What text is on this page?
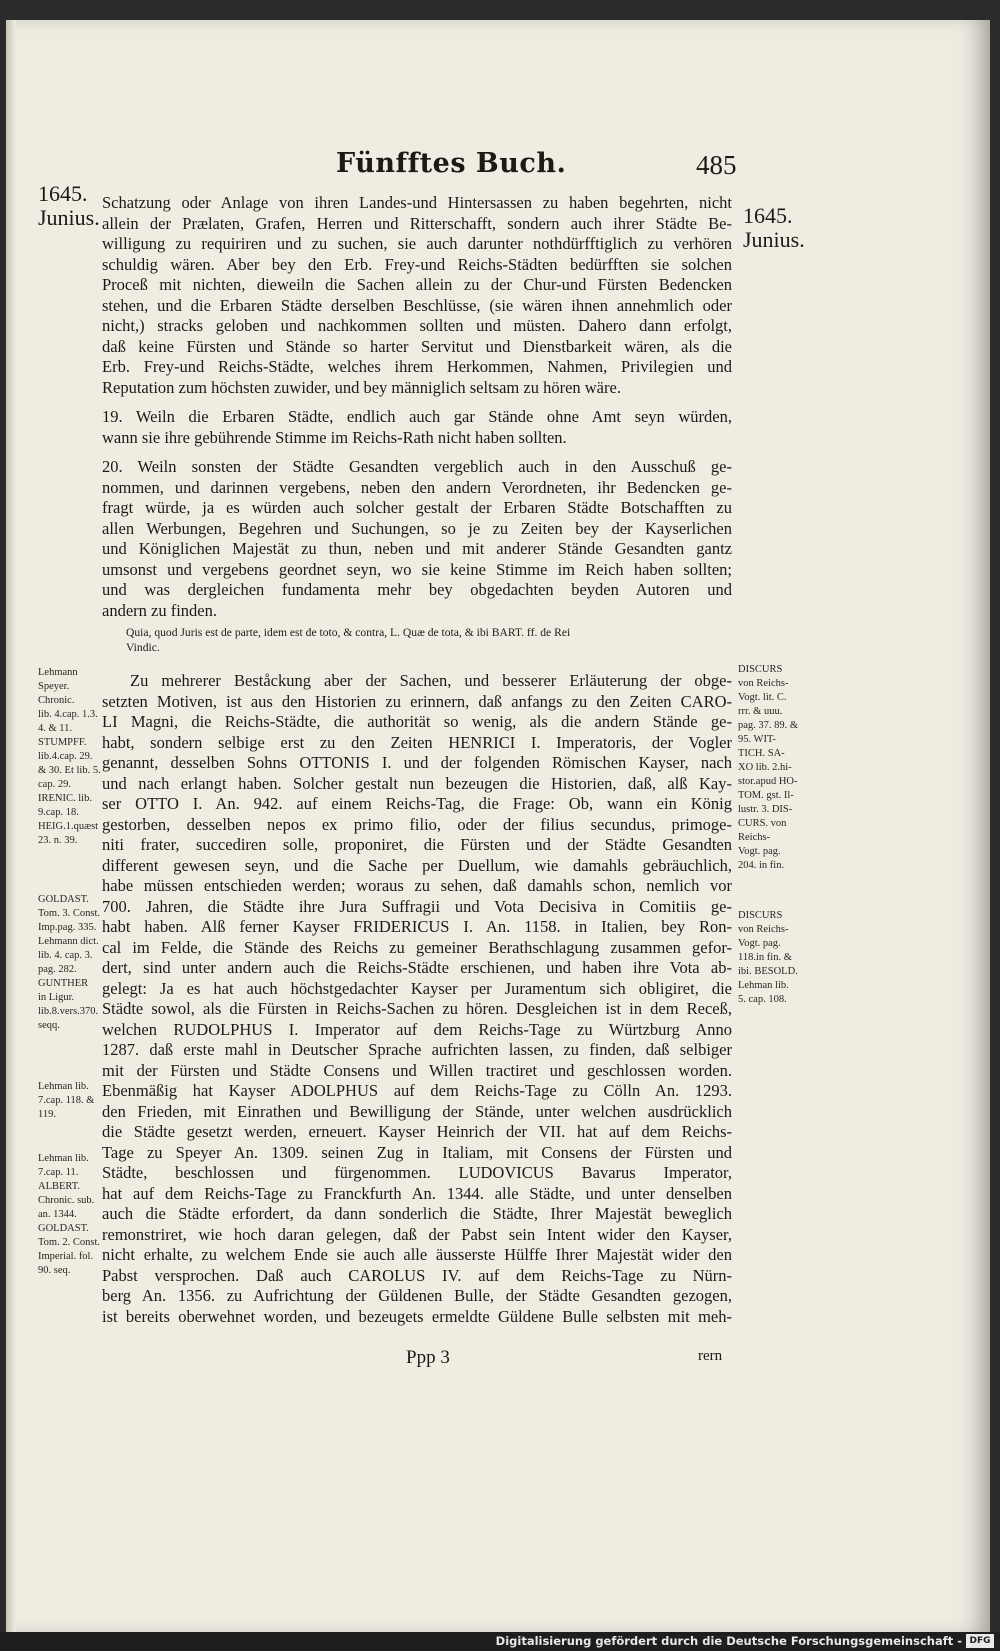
Fünfftes Buch.	485
1645.
Junius.	1645.
Junius.
Schatzung oder Anlage von ihren Landes-und Hintersassen zu haben begehrten, nicht
allein der Prælaten, Grafen, Herren und Ritterschafft, sondern auch ihrer Städte Be-
willigung zu requiriren und zu suchen, sie auch darunter nothdürfftiglich zu verhören
schuldig wären. Aber bey den Erb. Frey-und Reichs-Städten bedürfften sie solchen
Proceß mit nichten, dieweiln die Sachen allein zu der Chur-und Fürsten Bedencken
stehen, und die Erbaren Städte derselben Beschlüsse, (sie wären ihnen annehmlich oder
nicht,) stracks geloben und nachkommen sollten und müsten. Dahero dann erfolgt,
daß keine Fürsten und Stände so harter Servitut und Dienstbarkeit wären, als die
Erb. Frey-und Reichs-Städte, welches ihrem Herkommen, Nahmen, Privilegien und
Reputation zum höchsten zuwider, und bey männiglich seltsam zu hören wäre.
19. Weiln die Erbaren Städte, endlich auch gar Stände ohne Amt seyn würden,
wann sie ihre gebührende Stimme im Reichs-Rath nicht haben sollten.
20. Weiln sonsten der Städte Gesandten vergeblich auch in den Ausschuß ge-
nommen, und darinnen vergebens, neben den andern Verordneten, ihr Bedencken ge-
fragt würde, ja es würden auch solcher gestalt der Erbaren Städte Botschafften zu
allen Werbungen, Begehren und Suchungen, so je zu Zeiten bey der Kayserlichen
und Königlichen Majestät zu thun, neben und mit anderer Stände Gesandten gantz
umsonst und vergebens geordnet seyn, wo sie keine Stimme im Reich haben sollten;
und was dergleichen fundamenta mehr bey obgedachten beyden Autoren und
andern zu finden.
Quia, quod Juris est de parte, idem est de toto, & contra, L. Quæ de tota, & ibi BART. ff. de Rei
Vindic.
Zu mehrerer Beståckung aber der Sachen, und besserer Erläuterung der obge-
setzten Motiven, ist aus den Historien zu erinnern, daß anfangs zu den Zeiten CARO-
LI Magni, die Reichs-Städte, die authorität so wenig, als die andern Stände ge-
habt, sondern selbige erst zu den Zeiten HENRICI I. Imperatoris, der Vogler
genannt, desselben Sohns OTTONIS I. und der folgenden Römischen Kayser, nach
und nach erlangt haben. Solcher gestalt nun bezeugen die Historien, daß, alß Kay-
ser OTTO I. An. 942. auf einem Reichs-Tag, die Frage: Ob, wann ein König
gestorben, desselben nepos ex primo filio, oder der filius secundus, primoge-
niti frater, succediren solle, proponiret, die Fürsten und der Städte Gesandten
different gewesen seyn, und die Sache per Duellum, wie damahls gebräuchlich,
habe müssen entschieden werden; woraus zu sehen, daß damahls schon, nemlich vor
700. Jahren, die Städte ihre Jura Suffragii und Vota Decisiva in Comitiis ge-
habt haben. Alß ferner Kayser FRIDERICUS I. An. 1158. in Italien, bey Ron-
cal im Felde, die Stände des Reichs zu gemeiner Berathschlagung zusammen gefor-
dert, sind unter andern auch die Reichs-Städte erschienen, und haben ihre Vota ab-
gelegt: Ja es hat auch höchstgedachter Kayser per Juramentum sich obligiret, die
Städte sowol, als die Fürsten in Reichs-Sachen zu hören. Desgleichen ist in dem Receß,
welchen RUDOLPHUS I. Imperator auf dem Reichs-Tage zu Würtzburg Anno
1287. daß erste mahl in Deutscher Sprache aufrichten lassen, zu finden, daß selbiger
mit der Fürsten und Städte Consens und Willen tractiret und geschlossen worden.
Ebenmäßig hat Kayser ADOLPHUS auf dem Reichs-Tage zu Cölln An. 1293.
den Frieden, mit Einrathen und Bewilligung der Stände, unter welchen ausdrücklich
die Städte gesetzt werden, erneuert. Kayser Heinrich der VII. hat auf dem Reichs-
Tage zu Speyer An. 1309. seinen Zug in Italiam, mit Consens der Fürsten und
Städte, beschlossen und fürgenommen. LUDOVICUS Bavarus Imperator,
hat auf dem Reichs-Tage zu Franckfurth An. 1344. alle Städte, und unter denselben
auch die Städte erfordert, da dann sonderlich die Städte, Ihrer Majestät beweglich
remonstriret, wie hoch daran gelegen, daß der Pabst sein Intent wider den Kayser,
nicht erhalte, zu welchem Ende sie auch alle äusserste Hülffe Ihrer Majestät wider den
Pabst versprochen. Daß auch CAROLUS IV. auf dem Reichs-Tage zu Nürn-
berg An. 1356. zu Aufrichtung der Güldenen Bulle, der Städte Gesandten gezogen,
ist bereits oberwehnet worden, und bezeugets ermeldte Güldene Bulle selbsten mit meh-
Lehmann
Speyer.
Chronic.
lib. 4.cap. 1.3.
4. & 11.
STUMPFF.
lib.4.cap. 29.
& 30. Et lib. 5.
cap. 29.
IRENIC. lib.
9.cap. 18.
HEIG.1.quæst
23. n. 39.
GOLDAST.
Tom. 3. Const.
Imp.pag. 335.
Lehmann dict.
lib. 4. cap. 3.
pag. 282.
GUNTHER
in Ligur.
lib.8.vers.370.
seqq.
Lehman lib.
7.cap. 118. &
119.
Lehman lib.
7.cap. 11.
ALBERT.
Chronic. sub.
an. 1344.
GOLDAST.
Tom. 2. Const.
Imperial. fol.
90. seq.
DISCURS
von Reichs-
Vogt. lit. C.
rrr. & uuu.
pag. 37. 89. &
95. WIT-
TICH. SA-
XO lib. 2.hi-
stor.apud HO-
TOM. gst. Il-
lustr. 3. DIS-
CURS. von
Reichs-
Vogt. pag.
204. in fin.
DISCURS
von Reichs-
Vogt. pag.
118.in fin. &
ibi. BESOLD.
Lehman lib.
5. cap. 108.
Ppp 3	rern
Digitalisierung gefördert durch die Deutsche Forschungsgemeinschaft - DFG
